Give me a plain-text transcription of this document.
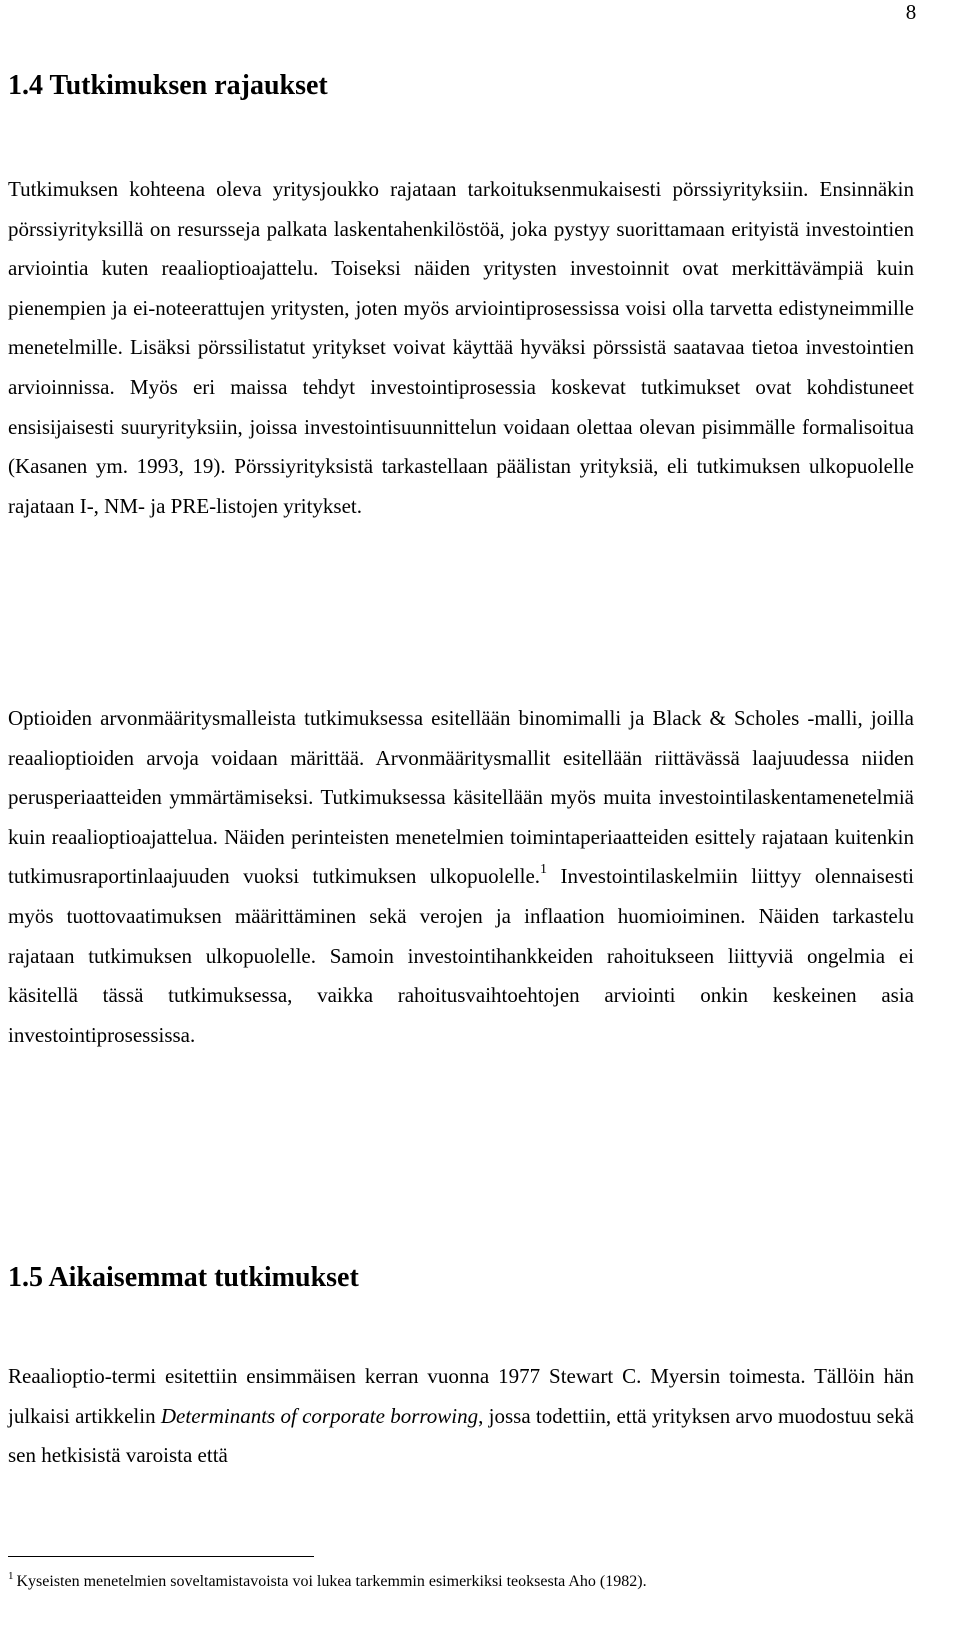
8
1.4 Tutkimuksen rajaukset

Tutkimuksen kohteena oleva yritysjoukko rajataan tarkoituksenmukaisesti pörssiyrityksiin. Ensinnäkin pörssiyrityksillä on resursseja palkata laskentahenkilöstöä, joka pystyy suorittamaan erityistä investointien arviointia kuten reaalioptioajattelu. Toiseksi näiden yritysten investoinnit ovat merkittävämpiä kuin pienempien ja ei-noteerattujen yritysten, joten myös arviointiprosessissa voisi olla tarvetta edistyneimmille menetelmille. Lisäksi pörssilistatut yritykset voivat käyttää hyväksi pörssistä saatavaa tietoa investointien arvioinnissa. Myös eri maissa tehdyt investointiprosessia koskevat tutkimukset ovat kohdistuneet ensisijaisesti suuryrityksiin, joissa investointisuunnittelun voidaan olettaa olevan pisimmälle formalisoitua (Kasanen ym. 1993, 19). Pörssiyrityksistä tarkastellaan päälistan yrityksiä, eli tutkimuksen ulkopuolelle rajataan I-, NM- ja PRE-listojen yritykset.

Optioiden arvonmääritysmalleista tutkimuksessa esitellään binomimalli ja Black & Scholes -malli, joilla reaalioptioiden arvoja voidaan märittää. Arvonmääritysmallit esitellään riittävässä laajuudessa niiden perusperiaatteiden ymmärtämiseksi. Tutkimuksessa käsitellään myös muita investointilaskentamenetelmiä kuin reaalioptioajattelua. Näiden perinteisten menetelmien toimintaperiaatteiden esittely rajataan kuitenkin tutkimusraportinlaajuuden vuoksi tutkimuksen ulkopuolelle.$^1$ Investointilaskelmiin liittyy olennaisesti myös tuottovaatimuksen määrittäminen sekä verojen ja inflaation huomioiminen. Näiden tarkastelu rajataan tutkimuksen ulkopuolelle. Samoin investointihankkeiden rahoitukseen liittyviä ongelmia ei käsitellä tässä tutkimuksessa, vaikka rahoitusvaihtoehtojen arviointi onkin keskeinen asia investointiprosessissa.

1.5 Aikaisemmat tutkimukset

Reaalioptio-termi esitettiin ensimmäisen kerran vuonna 1977 Stewart C. Myersin toimesta. Tällöin hän julkaisi artikkelin Determinants of corporate borrowing, jossa todettiin, että yrityksen arvo muodostuu sekä sen hetkisistä varoista että

$^1$ Kyseisten menetelmien soveltamistavoista voi lukea tarkemmin esimerkiksi teoksesta Aho (1982).
